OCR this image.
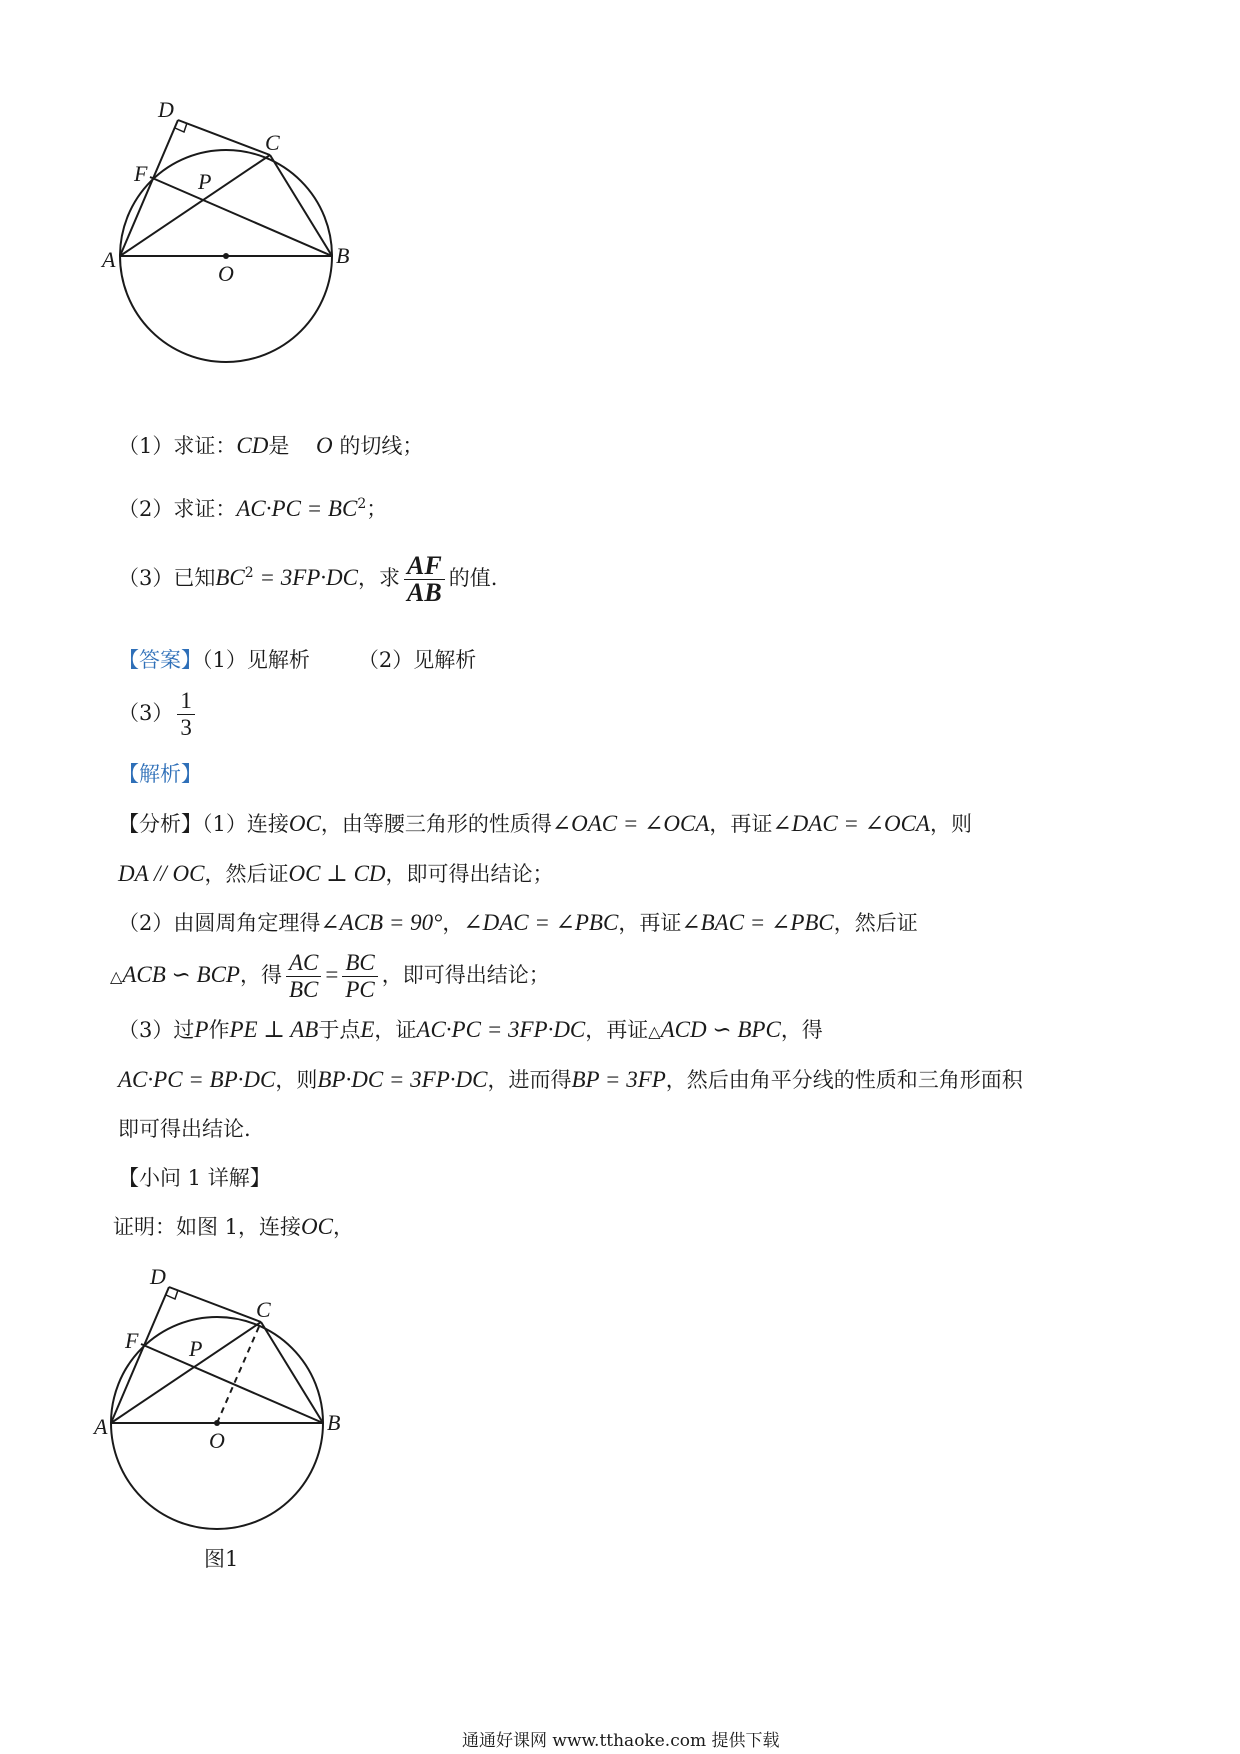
D
C
F P
A	B
O
（1）求证：CD是 O 的切线；
（2）求证：$AC\cdot PC = BC^2$；
（3）已知$BC^2 = 3FP\cdot DC$，求 $\frac{AF}{AB}$ 的值.
【答案】（1）见解析 （2）见解析
$(3) \frac{1}{3}$
【解析】
【分析】（1）连接OC，由等腰三角形的性质得∠OAC = ∠OCA，再证∠DAC = ∠OCA，则
DA // OC，然后证OC ⊥ CD，即可得出结论；
（2）由圆周角定理得∠ACB = 90°，∠DAC = ∠PBC，再证∠BAC = ∠PBC，然后证
△ACB ∽ BCP，得 $\frac{AC}{BC} = \frac{BC}{PC}$ ，即可得出结论；
（3）过P作PE ⊥ AB于点E，证AC·PC = 3FP·DC，再证△ACD ∽ BPC，得
AC·PC = BP·DC，则BP·DC = 3FP·DC，进而得BP = 3FP，然后由角平分线的性质和三角形面积
即可得出结论.
【小问 1 详解】
证明：如图 1，连接OC，
D
C
F P
A	B
O
图1
通通好课网 www.tthaoke.com 提供下载
